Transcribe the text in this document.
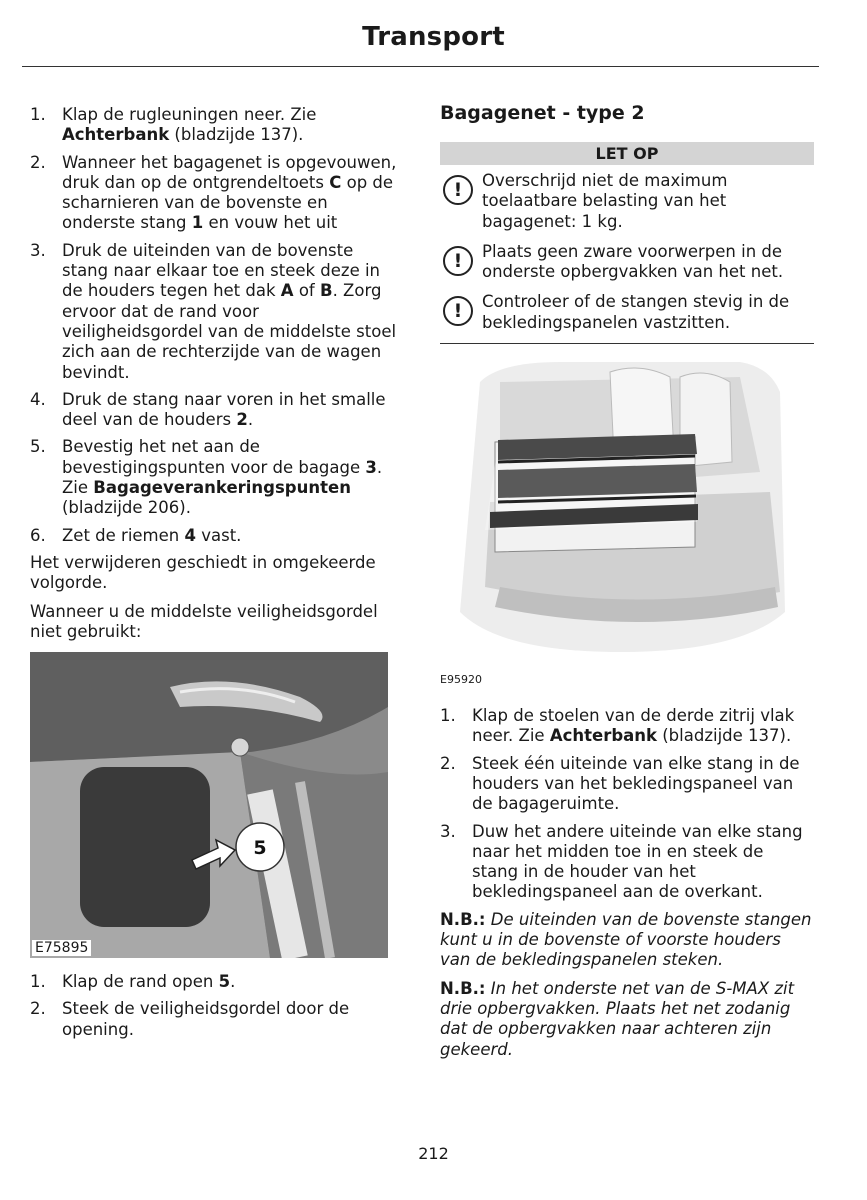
Transport
1. Klap de rugleuningen neer. Zie Achterbank (bladzijde 137).
2. Wanneer het bagagenet is opgevouwen, druk dan op de ontgrendeltoets C op de scharnieren van de bovenste en onderste stang 1 en vouw het uit
3. Druk de uiteinden van de bovenste stang naar elkaar toe en steek deze in de houders tegen het dak A of B. Zorg ervoor dat de rand voor veiligheidsgordel van de middelste stoel zich aan de rechterzijde van de wagen bevindt.
4. Druk de stang naar voren in het smalle deel van de houders 2.
5. Bevestig het net aan de bevestigingspunten voor de bagage 3. Zie Bagageverankeringspunten (bladzijde 206).
6. Zet de riemen 4 vast.

Het verwijderen geschiedt in omgekeerde volgorde.

Wanneer u de middelste veiligheidsgordel niet gebruikt:

5
E75895
1. Klap de rand open 5.
2. Steek de veiligheidsgordel door de opening.
Bagagenet - type 2
LET OP
!	Overschrijd niet de maximum toelaatbare belasting van het bagagenet: 1 kg.
!	Plaats geen zware voorwerpen in de onderste opbergvakken van het net.
!	Controleer of de stangen stevig in de bekledingspanelen vastzitten.
E95920
1. Klap de stoelen van de derde zitrij vlak neer. Zie Achterbank (bladzijde 137).
2. Steek één uiteinde van elke stang in de houders van het bekledingspaneel van de bagageruimte.
3. Duw het andere uiteinde van elke stang naar het midden toe in en steek de stang in de houder van het bekledingspaneel aan de overkant.

N.B.: De uiteinden van de bovenste stangen kunt u in de bovenste of voorste houders van de bekledingspanelen steken.

N.B.: In het onderste net van de S-MAX zit drie opbergvakken. Plaats het net zodanig dat de opbergvakken naar achteren zijn gekeerd.

212
